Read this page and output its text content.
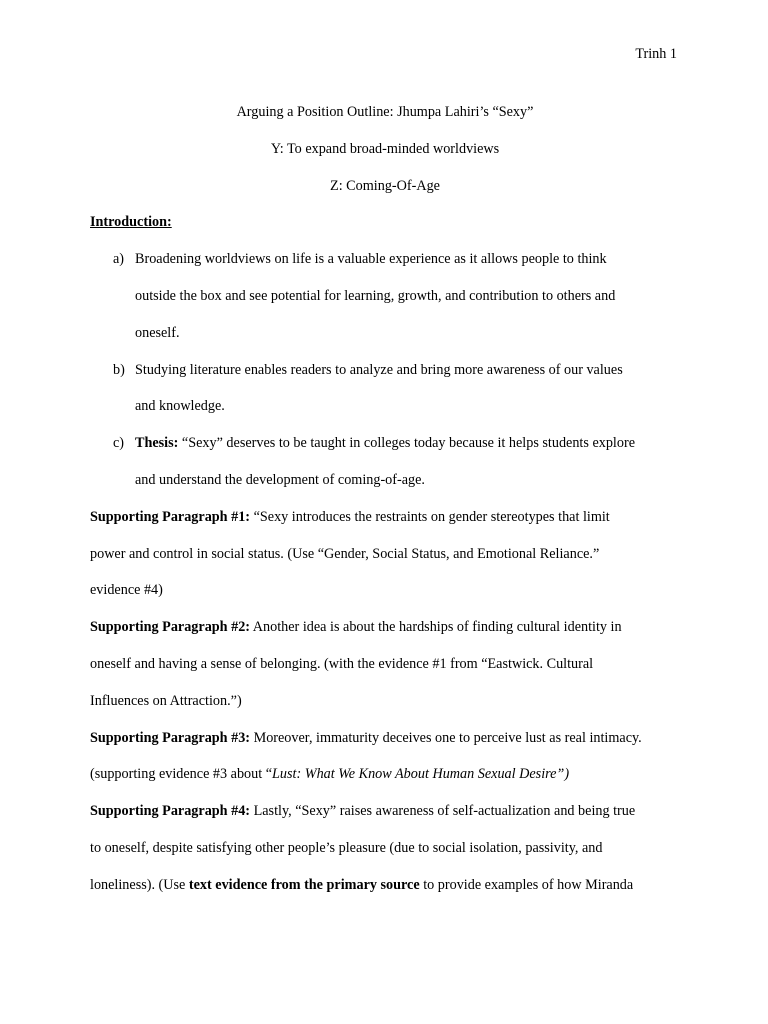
Trinh 1
Arguing a Position Outline: Jhumpa Lahiri’s “Sexy”
Y: To expand broad-minded worldviews
Z: Coming-Of-Age
Introduction:
a) Broadening worldviews on life is a valuable experience as it allows people to think
outside the box and see potential for learning, growth, and contribution to others and
oneself.
b) Studying literature enables readers to analyze and bring more awareness of our values
and knowledge.
c) Thesis: “Sexy” deserves to be taught in colleges today because it helps students explore
and understand the development of coming-of-age.
Supporting Paragraph #1: “Sexy introduces the restraints on gender stereotypes that limit
power and control in social status. (Use “Gender, Social Status, and Emotional Reliance.”
evidence #4)
Supporting Paragraph #2: Another idea is about the hardships of finding cultural identity in
oneself and having a sense of belonging. (with the evidence #1 from “Eastwick. Cultural
Influences on Attraction.”)
Supporting Paragraph #3: Moreover, immaturity deceives one to perceive lust as real intimacy.
(supporting evidence #3 about “Lust: What We Know About Human Sexual Desire”)
Supporting Paragraph #4: Lastly, “Sexy” raises awareness of self-actualization and being true
to oneself, despite satisfying other people’s pleasure (due to social isolation, passivity, and
loneliness). (Use text evidence from the primary source to provide examples of how Miranda
